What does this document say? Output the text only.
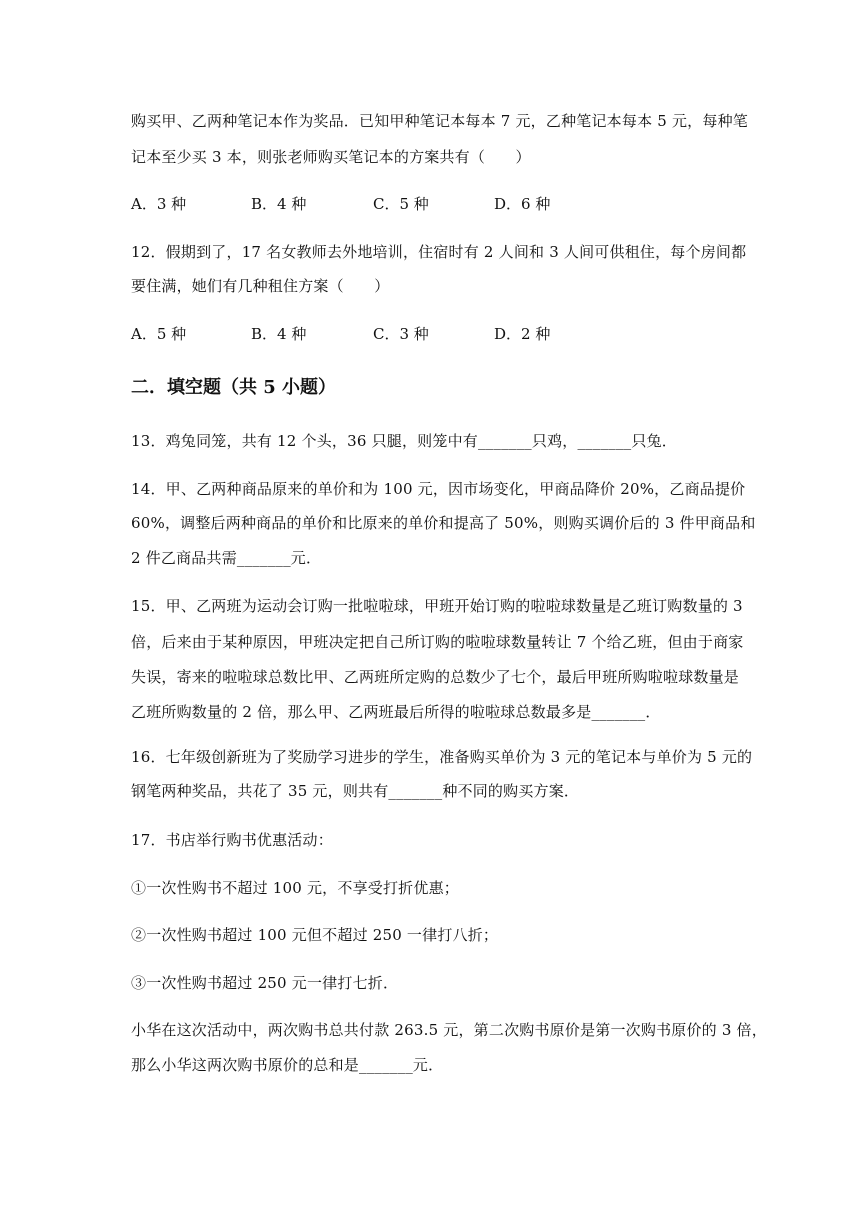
购买甲、乙两种笔记本作为奖品．已知甲种笔记本每本 7 元，乙种笔记本每本 5 元，每种笔
记本至少买 3 本，则张老师购买笔记本的方案共有（　　）
A．3 种	B．4 种	C．5 种	D．6 种
12．假期到了，17 名女教师去外地培训，住宿时有 2 人间和 3 人间可供租住，每个房间都
要住满，她们有几种租住方案（　　）
A．5 种	B．4 种	C．3 种	D．2 种
二．填空题（共 5 小题）
13．鸡兔同笼，共有 12 个头，36 只腿，则笼中有_______只鸡，_______只兔．
14．甲、乙两种商品原来的单价和为 100 元，因市场变化，甲商品降价 20%，乙商品提价
60%，调整后两种商品的单价和比原来的单价和提高了 50%，则购买调价后的 3 件甲商品和
2 件乙商品共需_______元．
15．甲、乙两班为运动会订购一批啦啦球，甲班开始订购的啦啦球数量是乙班订购数量的 3
倍，后来由于某种原因，甲班决定把自己所订购的啦啦球数量转让 7 个给乙班，但由于商家
失误，寄来的啦啦球总数比甲、乙两班所定购的总数少了七个，最后甲班所购啦啦球数量是
乙班所购数量的 2 倍，那么甲、乙两班最后所得的啦啦球总数最多是_______．
16．七年级创新班为了奖励学习进步的学生，准备购买单价为 3 元的笔记本与单价为 5 元的
钢笔两种奖品，共花了 35 元，则共有_______种不同的购买方案．
17．书店举行购书优惠活动：
①一次性购书不超过 100 元，不享受打折优惠；
②一次性购书超过 100 元但不超过 250 一律打八折；
③一次性购书超过 250 元一律打七折．
小华在这次活动中，两次购书总共付款 263.5 元，第二次购书原价是第一次购书原价的 3 倍，
那么小华这两次购书原价的总和是_______元．
